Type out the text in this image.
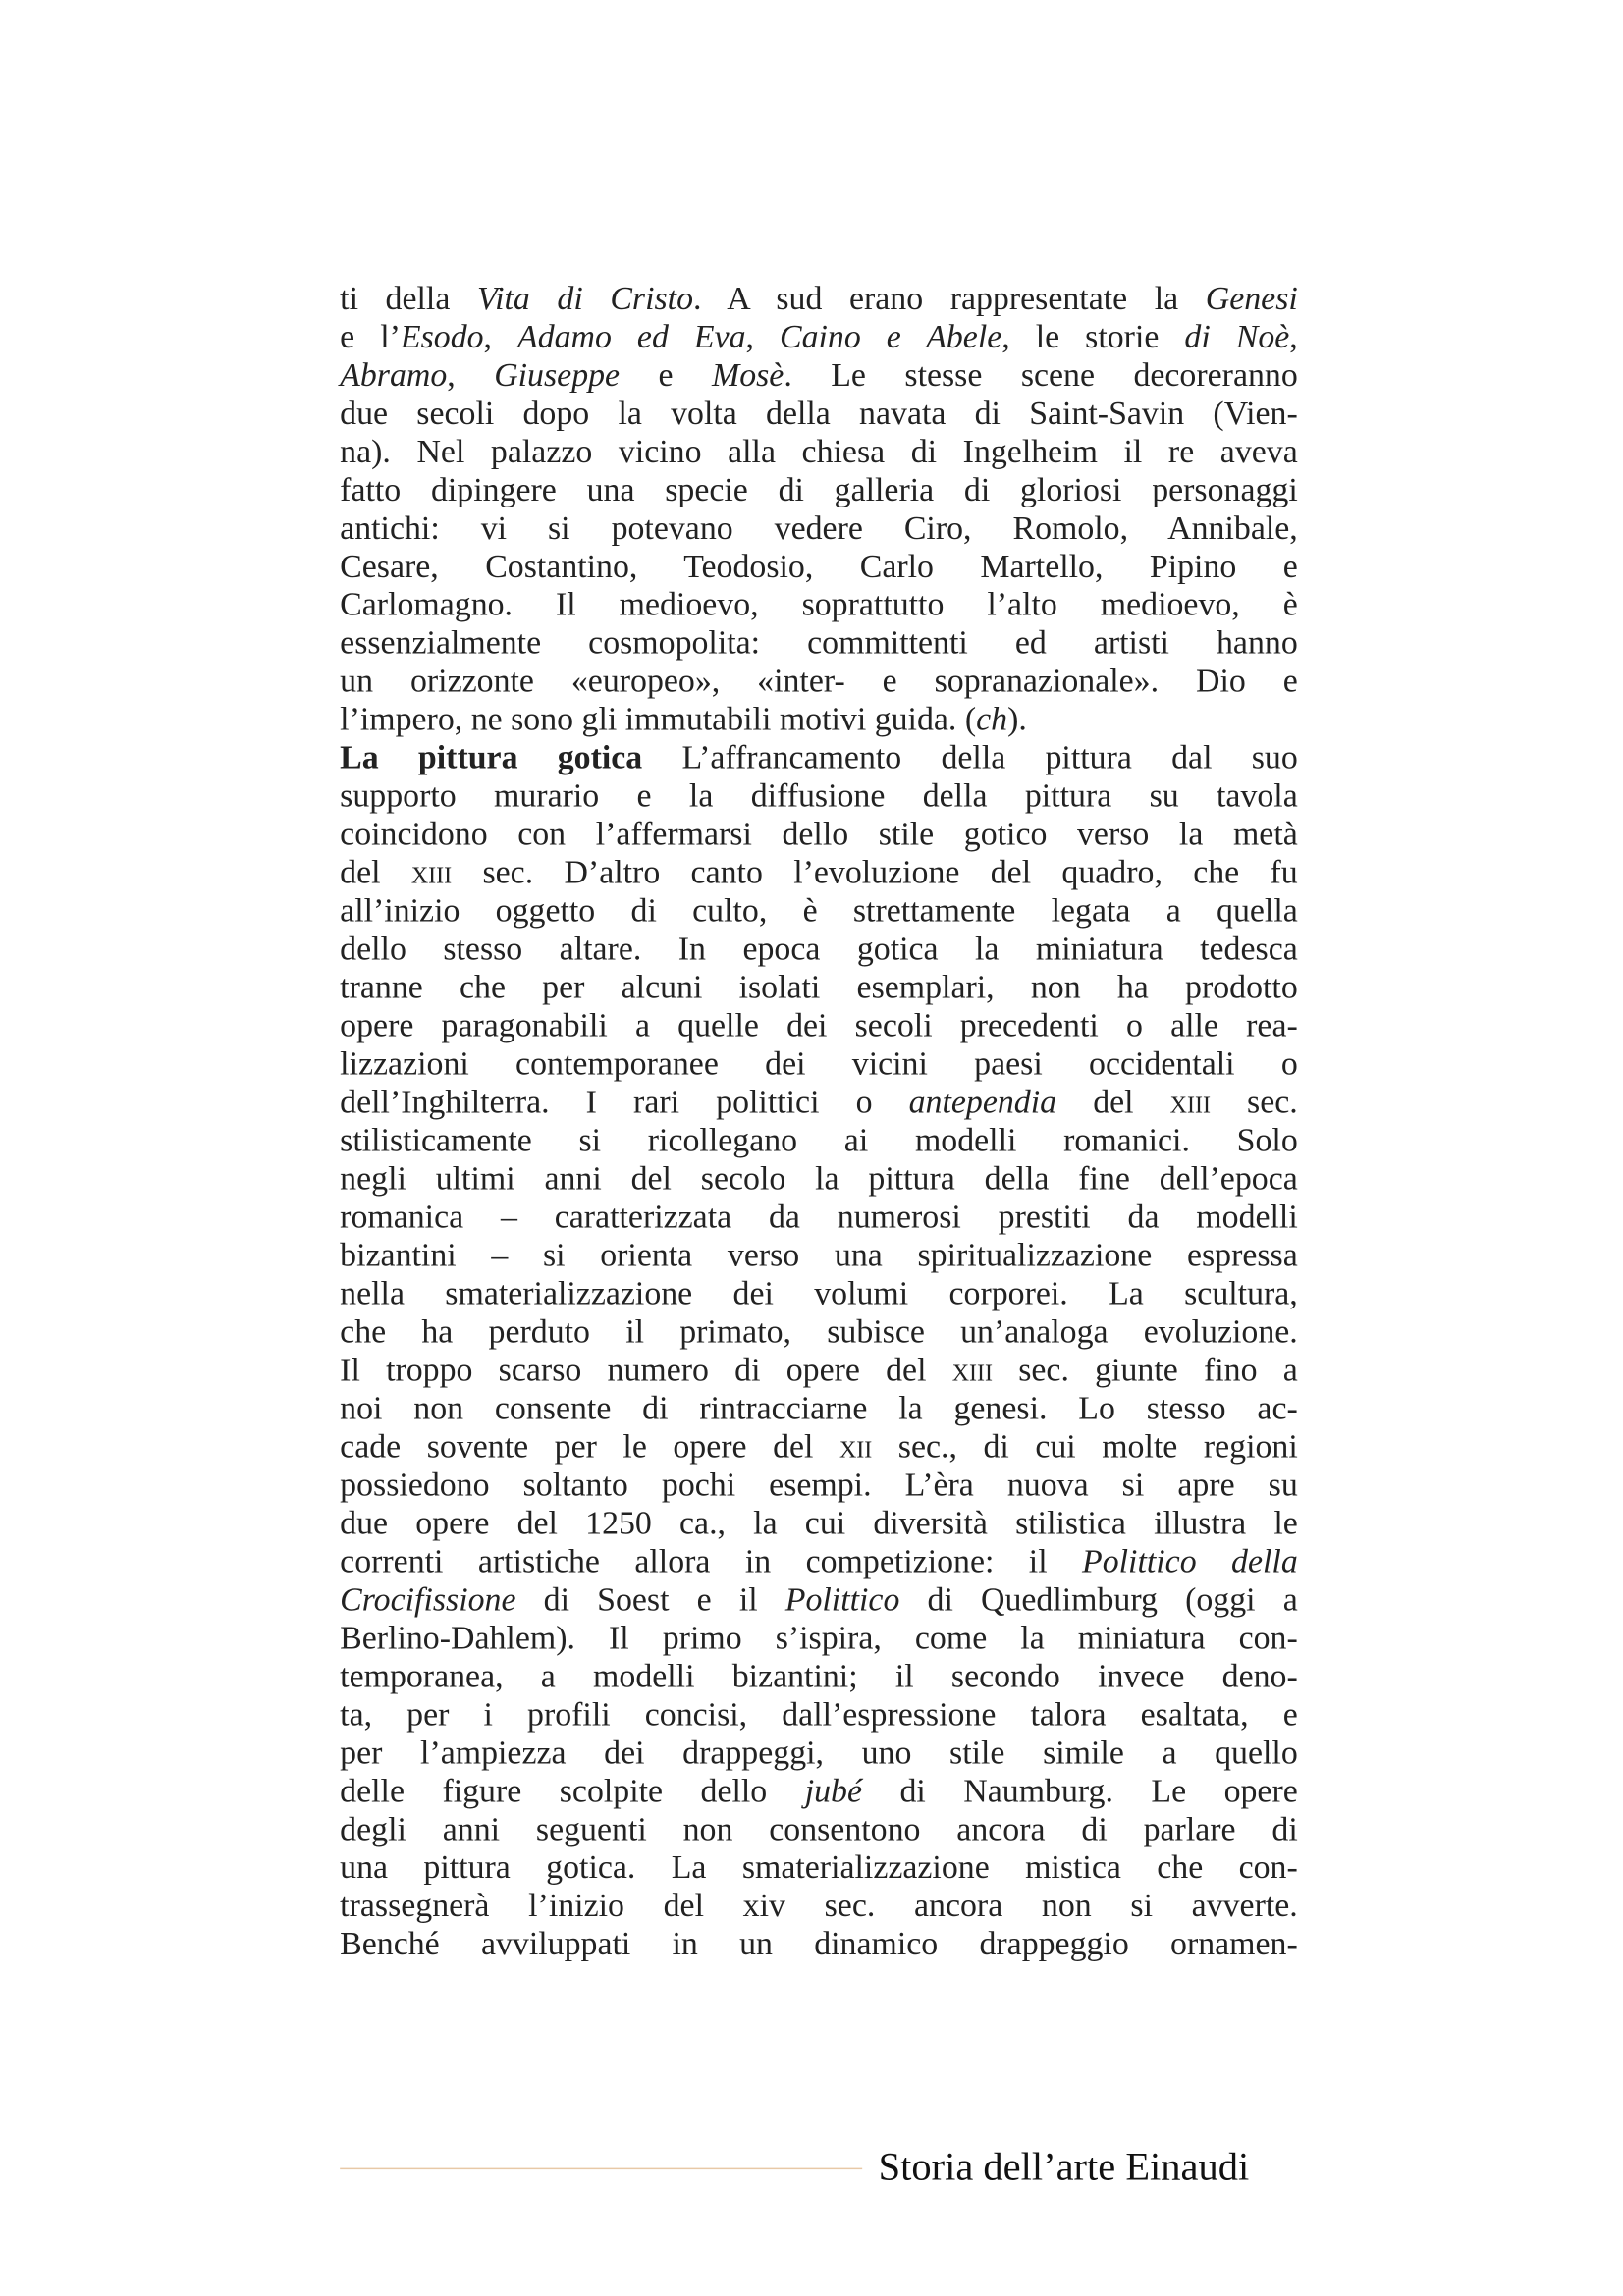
ti della Vita di Cristo. A sud erano rappresentate la Genesi
e l’Esodo, Adamo ed Eva, Caino e Abele, le storie di Noè,
Abramo, Giuseppe e Mosè. Le stesse scene decoreranno
due secoli dopo la volta della navata di Saint-Savin (Vien-
na). Nel palazzo vicino alla chiesa di Ingelheim il re aveva
fatto dipingere una specie di galleria di gloriosi personaggi
antichi: vi si potevano vedere Ciro, Romolo, Annibale,
Cesare, Costantino, Teodosio, Carlo Martello, Pipino e
Carlomagno. Il medioevo, soprattutto l’alto medioevo, è
essenzialmente cosmopolita: committenti ed artisti hanno
un orizzonte «europeo», «inter- e sopranazionale». Dio e
l’impero, ne sono gli immutabili motivi guida. (ch).
La pittura gotica L’affrancamento della pittura dal suo
supporto murario e la diffusione della pittura su tavola
coincidono con l’affermarsi dello stile gotico verso la metà
del xiii sec. D’altro canto l’evoluzione del quadro, che fu
all’inizio oggetto di culto, è strettamente legata a quella
dello stesso altare. In epoca gotica la miniatura tedesca
tranne che per alcuni isolati esemplari, non ha prodotto
opere paragonabili a quelle dei secoli precedenti o alle rea-
lizzazioni contemporanee dei vicini paesi occidentali o
dell’Inghilterra. I rari polittici o antependia del xiii sec.
stilisticamente si ricollegano ai modelli romanici. Solo
negli ultimi anni del secolo la pittura della fine dell’epoca
romanica – caratterizzata da numerosi prestiti da modelli
bizantini – si orienta verso una spiritualizzazione espressa
nella smaterializzazione dei volumi corporei. La scultura,
che ha perduto il primato, subisce un’analoga evoluzione.
Il troppo scarso numero di opere del xiii sec. giunte fino a
noi non consente di rintracciarne la genesi. Lo stesso ac-
cade sovente per le opere del xii sec., di cui molte regioni
possiedono soltanto pochi esempi. L’èra nuova si apre su
due opere del 1250 ca., la cui diversità stilistica illustra le
correnti artistiche allora in competizione: il Polittico della
Crocifissione di Soest e il Polittico di Quedlimburg (oggi a
Berlino-Dahlem). Il primo s’ispira, come la miniatura con-
temporanea, a modelli bizantini; il secondo invece deno-
ta, per i profili concisi, dall’espressione talora esaltata, e
per l’ampiezza dei drappeggi, uno stile simile a quello
delle figure scolpite dello jubé di Naumburg. Le opere
degli anni seguenti non consentono ancora di parlare di
una pittura gotica. La smaterializzazione mistica che con-
trassegnerà l’inizio del xiv sec. ancora non si avverte.
Benché avviluppati in un dinamico drappeggio ornamen-
Storia dell’arte Einaudi
